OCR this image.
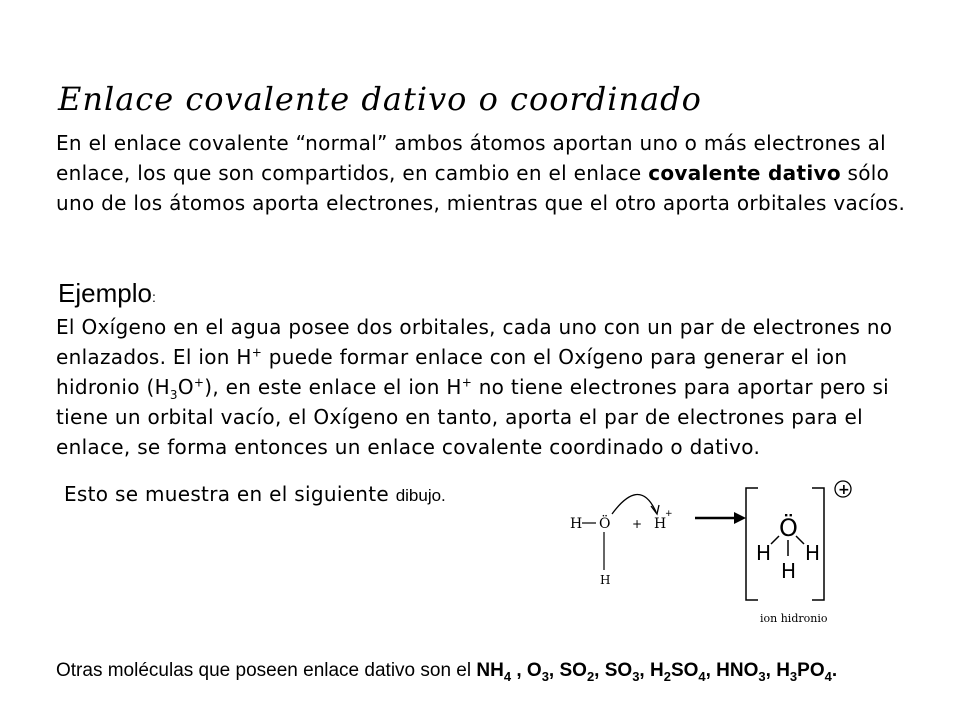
Enlace covalente dativo o coordinado
En el enlace covalente “normal” ambos átomos aportan uno o más electrones al enlace, los que son compartidos, en cambio en el enlace covalente dativo sólo uno de los átomos aporta electrones, mientras que el otro aporta orbitales vacíos.
Ejemplo:
El Oxígeno en el agua posee dos orbitales, cada uno con un par de electrones no enlazados. El ion H+ puede formar enlace con el Oxígeno para generar el ion hidronio $(H_3O^+)$, en este enlace el ion H+ no tiene electrones para aportar pero si tiene un orbital vacío, el Oxígeno en tanto, aporta el par de electrones para el enlace, se forma entonces un enlace covalente coordinado o dativo.
Esto se muestra en el siguiente dibujo.
H Ö
H
+ H
+	Ö
H H
H
+
ion hidronio
Otras moléculas que poseen enlace dativo son el $NH_4$ , $O_3$, $SO_2$, $SO_3$, $H_2SO_4$, $HNO_3$, $H_3PO_4$.
